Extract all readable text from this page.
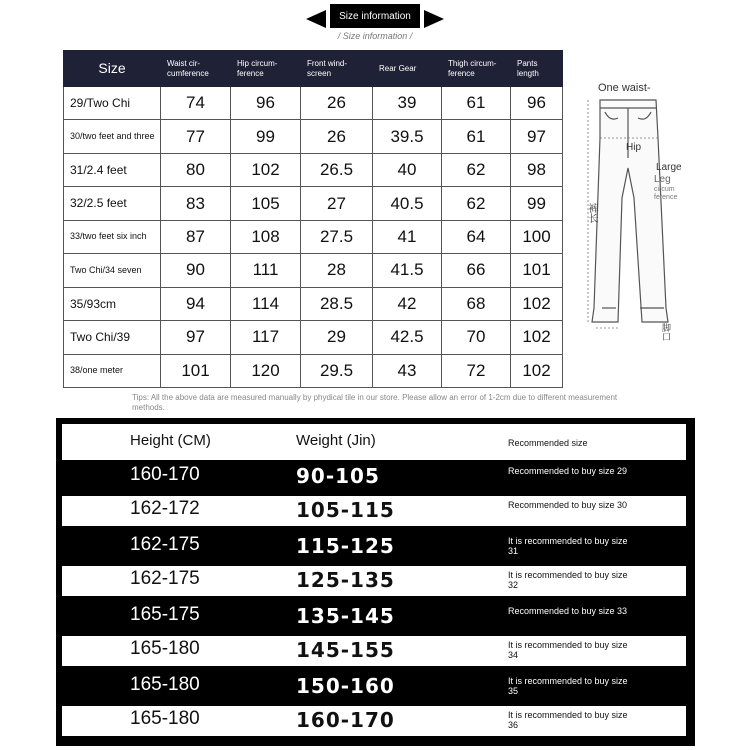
Size information
/ Size information /
Size	Waist cir- cumference	Hip circum- ference	Front wind- screen	Rear Gear	Thigh circum- ference	Pants length
29/Two Chi	74	96	26	39	61	96
30/two feet and three	77	99	26	39.5	61	97
31/2.4 feet	80	102	26.5	40	62	98
32/2.5 feet	83	105	27	40.5	62	99
33/two feet six inch	87	108	27.5	41	64	100
Two Chi/34 seven	90	111	28	41.5	66	101
35/93cm	94	114	28.5	42	68	102
Two Chi/39	97	117	29	42.5	70	102
38/one meter	101	120	29.5	43	72	102
One waist-
Hip
Large
Leg
circum
ference
裤长
脚口
Tips: All the above data are measured manually by phydical tile in our store. Please allow an error of 1-2cm due to different measurement methods.
Height (CM)	Weight (Jin)	Recommended size
160-170	90-105	Recommended to buy size 29
162-172	105-115	Recommended to buy size 30
162-175	115-125	It is recommended to buy size 31
162-175	125-135	It is recommended to buy size 32
165-175	135-145	Recommended to buy size 33
165-180	145-155	It is recommended to buy size 34
165-180	150-160	It is recommended to buy size 35
165-180	160-170	It is recommended to buy size 36
